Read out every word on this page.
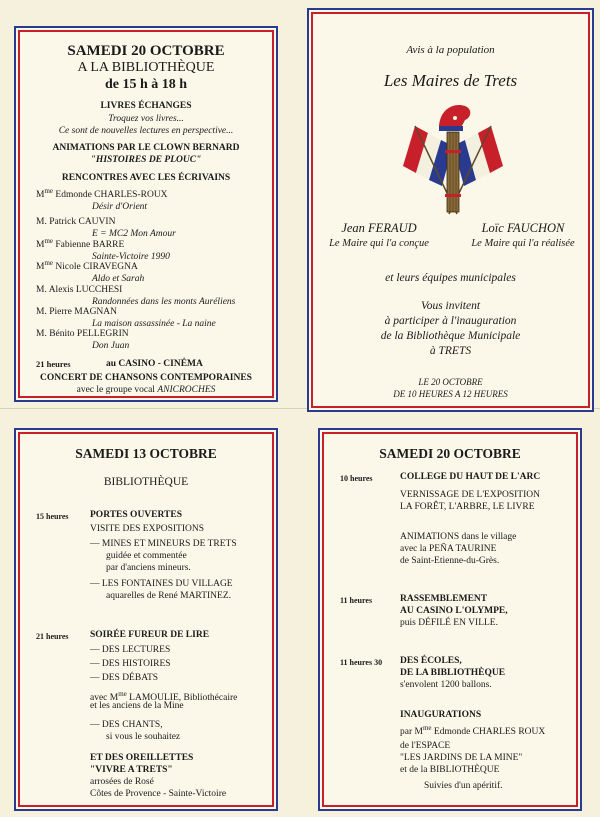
SAMEDI 20 OCTOBRE
A LA BIBLIOTHÈQUE
de 15 h à 18 h
LIVRES ÉCHANGES
Troquez vos livres...
Ce sont de nouvelles lectures en perspective...
ANIMATIONS PAR LE CLOWN BERNARD
"HISTOIRES DE PLOUC"
RENCONTRES AVEC LES ÉCRIVAINS
$M^{me}$ Edmonde CHARLES-ROUX
Désir d'Orient
M. Patrick CAUVIN
E = MC2 Mon Amour
$M^{me}$ Fabienne BARRE
Sainte-Victoire 1990
$M^{me}$ Nicole CIRAVEGNA
Aldo et Sarah
M. Alexis LUCCHESI
Randonnées dans les monts Auréliens
M. Pierre MAGNAN
La maison assassinée - La naine
M. Bénito PELLEGRIN
Don Juan
21 heures	au CASINO - CINÉMA
CONCERT DE CHANSONS CONTEMPORAINES
avec le groupe vocal ANICROCHES
Avis à la population
Les Maires de Trets
Jean FERAUD
Le Maire qui l'a conçue
Loïc FAUCHON
Le Maire qui l'a réalisée
et leurs équipes municipales
Vous invitent
à participer à l'inauguration
de la Bibliothèque Municipale
à TRETS
LE 20 OCTOBRE
DE 10 HEURES A 12 HEURES
SAMEDI 13 OCTOBRE
BIBLIOTHÈQUE
15 heures PORTES OUVERTES
VISITE DES EXPOSITIONS
— MINES ET MINEURS DE TRETS
guidée et commentée
par d'anciens mineurs.
— LES FONTAINES DU VILLAGE
aquarelles de René MARTINEZ.
21 heures SOIRÉE FUREUR DE LIRE
— DES LECTURES
— DES HISTOIRES
— DES DÉBATS
avec $M^{me}$ LAMOULIE, Bibliothécaire
et les anciens de la Mine
— DES CHANTS,
si vous le souhaitez
ET DES OREILLETTES
"VIVRE A TRETS"
arrosées de Rosé
Côtes de Provence - Sainte-Victoire
SAMEDI 20 OCTOBRE
10 heures	COLLEGE DU HAUT DE L'ARC
VERNISSAGE DE L'EXPOSITION
LA FORÊT, L'ARBRE, LE LIVRE
ANIMATIONS dans le village
avec la PEÑA TAURINE
de Saint-Etienne-du-Grès.
11 heures	RASSEMBLEMENT
AU CASINO L'OLYMPE,
puis DÉFILÉ EN VILLE.
11 heures 30 DES ÉCOLES,
DE LA BIBLIOTHÈQUE
s'envolent 1200 ballons.
INAUGURATIONS
par $M^{me}$ Edmonde CHARLES ROUX
de l'ESPACE
"LES JARDINS DE LA MINE"
et de la BIBLIOTHÈQUE
Suivies d'un apéritif.
